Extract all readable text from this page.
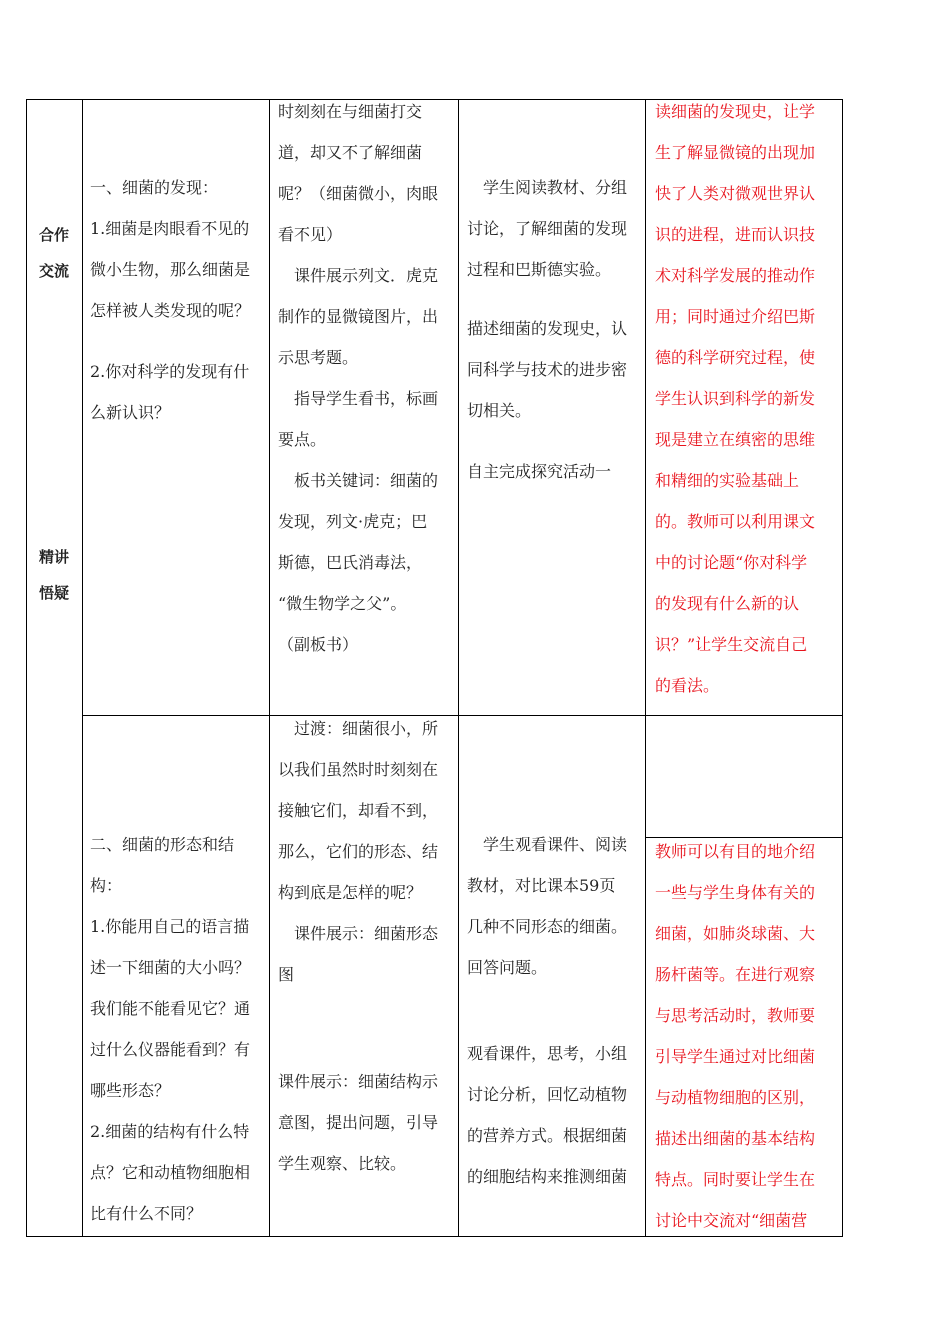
合作

交流

精讲

悟疑

一、细菌的发现：

1.细菌是肉眼看不见的

微小生物，那么细菌是

怎样被人类发现的呢？

2.你对科学的发现有什

么新认识？

时刻刻在与细菌打交

道，却又不了解细菌

呢？（细菌微小，肉眼

看不见）

　课件展示列文．虎克

制作的显微镜图片，出

示思考题。

　指导学生看书，标画

要点。

　板书关键词：细菌的

发现，列文·虎克；巴

斯德，巴氏消毒法，

“微生物学之父”。

（副板书）

　学生阅读教材、分组

讨论，了解细菌的发现

过程和巴斯德实验。

描述细菌的发现史，认

同科学与技术的进步密

切相关。

自主完成探究活动一

读细菌的发现史，让学

生了解显微镜的出现加

快了人类对微观世界认

识的进程，进而认识技

术对科学发展的推动作

用；同时通过介绍巴斯

德的科学研究过程，使

学生认识到科学的新发

现是建立在缜密的思维

和精细的实验基础上

的。教师可以利用课文

中的讨论题“你对科学

的发现有什么新的认

识？”让学生交流自己

的看法。

二、细菌的形态和结

构：

1.你能用自己的语言描

述一下细菌的大小吗？

我们能不能看见它？通

过什么仪器能看到？有

哪些形态？

2.细菌的结构有什么特

点？它和动植物细胞相

比有什么不同？

　过渡：细菌很小，所

以我们虽然时时刻刻在

接触它们，却看不到，

那么，它们的形态、结

构到底是怎样的呢？

　课件展示：细菌形态

图

课件展示：细菌结构示

意图，提出问题，引导

学生观察、比较。

　学生观看课件、阅读

教材，对比课本59页

几种不同形态的细菌。

回答问题。

观看课件，思考，小组

讨论分析，回忆动植物

的营养方式。根据细菌

的细胞结构来推测细菌

教师可以有目的地介绍

一些与学生身体有关的

细菌，如肺炎球菌、大

肠杆菌等。在进行观察

与思考活动时，教师要

引导学生通过对比细菌

与动植物细胞的区别，

描述出细菌的基本结构

特点。同时要让学生在

讨论中交流对“细菌营
